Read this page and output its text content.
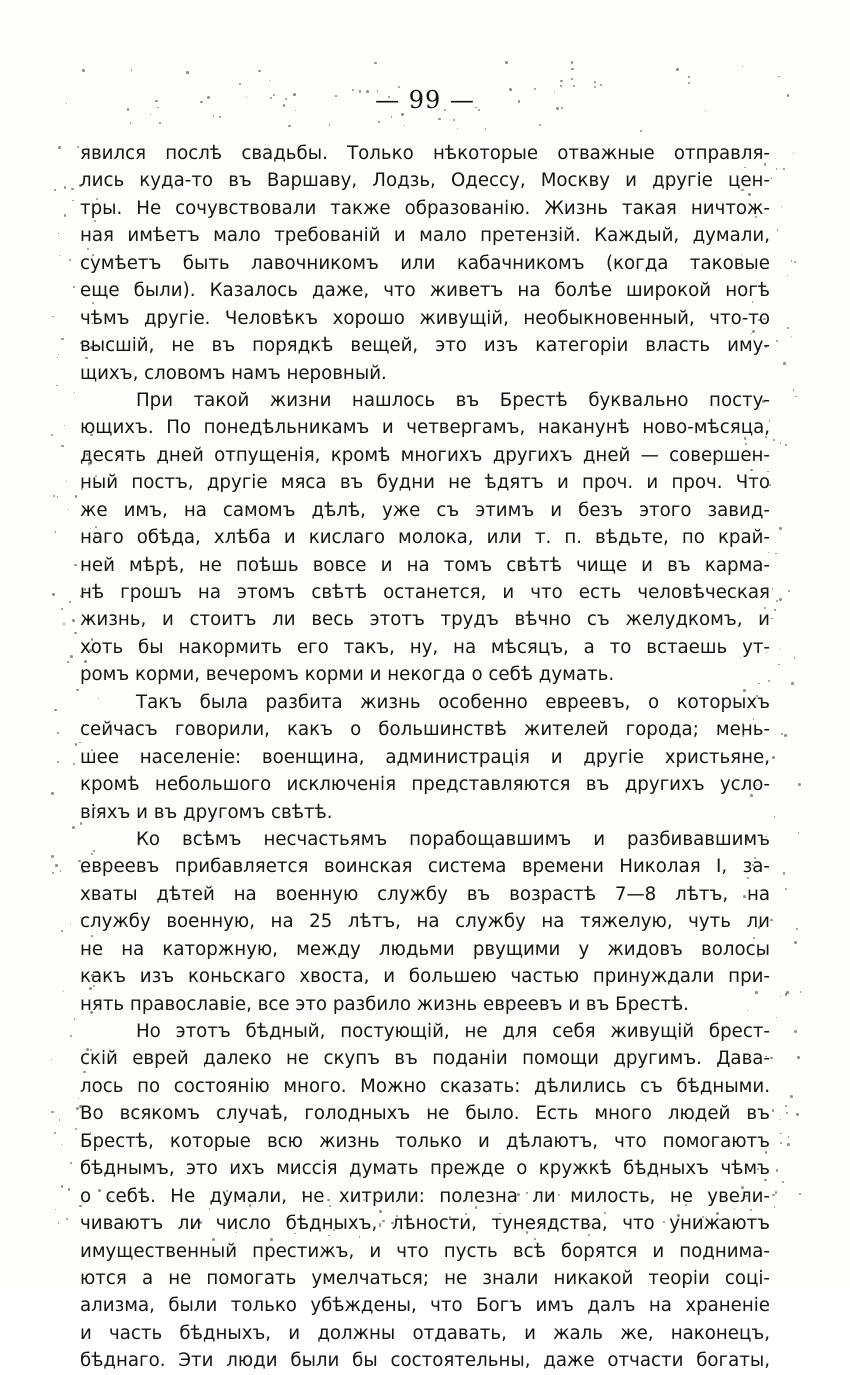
— 99 —
явился послѣ свадьбы. Только нѣкоторые отважные отправля-
лись куда-то въ Варшаву, Лодзь, Одессу, Москву и другіе цен-
тры. Не сочувствовали также образованію. Жизнь такая ничтож-
ная имѣетъ мало требованій и мало претензій. Каждый, думали,
сумѣетъ быть лавочникомъ или кабачникомъ (когда таковые
еще были). Казалось даже, что живетъ на болѣе широкой ногѣ
чѣмъ другіе. Человѣкъ хорошо живущій, необыкновенный, что-то
высшій, не въ порядкѣ вещей, это изъ категоріи власть иму-
щихъ, словомъ намъ неровный.
При такой жизни нашлось въ Брестѣ буквально посту-
ющихъ. По понедѣльникамъ и четвергамъ, наканунѣ ново-мѣсяца,
десять дней отпущенія, кромѣ многихъ другихъ дней — совершен-
ный постъ, другіе мяса въ будни не ѣдятъ и проч. и проч. Что
же имъ, на самомъ дѣлѣ, уже съ этимъ и безъ этого завид-
наго обѣда, хлѣба и кислаго молока, или т. п. вѣдьте, по край-
ней мѣрѣ, не поѣшь вовсе и на томъ свѣтѣ чище и въ карма-
нѣ грошъ на этомъ свѣтѣ останется, и что есть человѣческая
жизнь, и стоитъ ли весь этотъ трудъ вѣчно съ желудкомъ, и
хоть бы накормить его такъ, ну, на мѣсяцъ, а то встаешь ут-
ромъ корми, вечеромъ корми и некогда о себѣ думать.
Такъ была разбита жизнь особенно евреевъ, о которыхъ
сейчасъ говорили, какъ о большинствѣ жителей города; мень-
шее населеніе: военщина, администрація и другіе христьяне,
кромѣ небольшого исключенія представляются въ другихъ усло-
віяхъ и въ другомъ свѣтѣ.
Ко всѣмъ несчастьямъ порабощавшимъ и разбивавшимъ
евреевъ прибавляется воинская система времени Николая I, за-
хваты дѣтей на военную службу въ возрастѣ 7—8 лѣтъ, на
службу военную, на 25 лѣтъ, на службу на тяжелую, чуть ли
не на каторжную, между людьми рвущими у жидовъ волосы
какъ изъ коньскаго хвоста, и большею частью принуждали при-
нять православіе, все это разбило жизнь евреевъ и въ Брестѣ.
Но этотъ бѣдный, постующій, не для себя живущій брест-
скій еврей далеко не скупъ въ поданіи помощи другимъ. Дава-
лось по состоянію много. Можно сказать: дѣлились съ бѣдными.
Во всякомъ случаѣ, голодныхъ не было. Есть много людей въ
Брестѣ, которые всю жизнь только и дѣлаютъ, что помогаютъ
бѣднымъ, это ихъ миссія думать прежде о кружкѣ бѣдныхъ чѣмъ
о себѣ. Не думали, не хитрили: полезна ли милость, не увели-
чиваютъ ли число бѣдныхъ, лѣности, тунеядства, что унижаютъ
имущественный престижъ, и что пусть всѣ борятся и поднима-
ются а не помогать умелчаться; не знали никакой теоріи соці-
ализма, были только убѣждены, что Богъ имъ далъ на храненіе
и часть бѣдныхъ, и должны отдавать, и жаль же, наконецъ,
бѣднаго. Эти люди были бы состоятельны, даже отчасти богаты,
